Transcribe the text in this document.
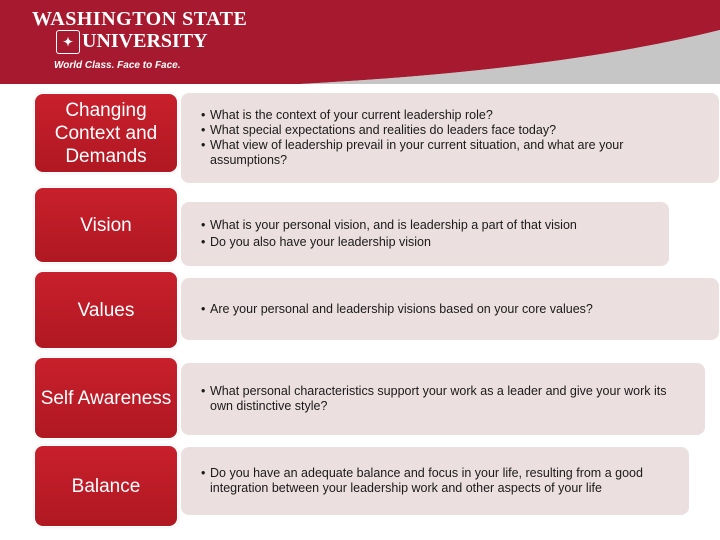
WASHINGTON STATE
✦ UNIVERSITY
World Class. Face to Face.
Changing Context and Demands
• What is the context of your current leadership role?
• What special expectations and realities do leaders face today?
• What view of leadership prevail in your current situation, and what are your assumptions?
Vision	• What is your personal vision, and is leadership a part of that vision
• Do you also have your leadership vision
Values	• Are your personal and leadership visions based on your core values?
Self Awareness	• What personal characteristics support your work as a leader and give your work its own distinctive style?
Balance
• Do you have an adequate balance and focus in your life, resulting from a good integration between your leadership work and other aspects of your life
